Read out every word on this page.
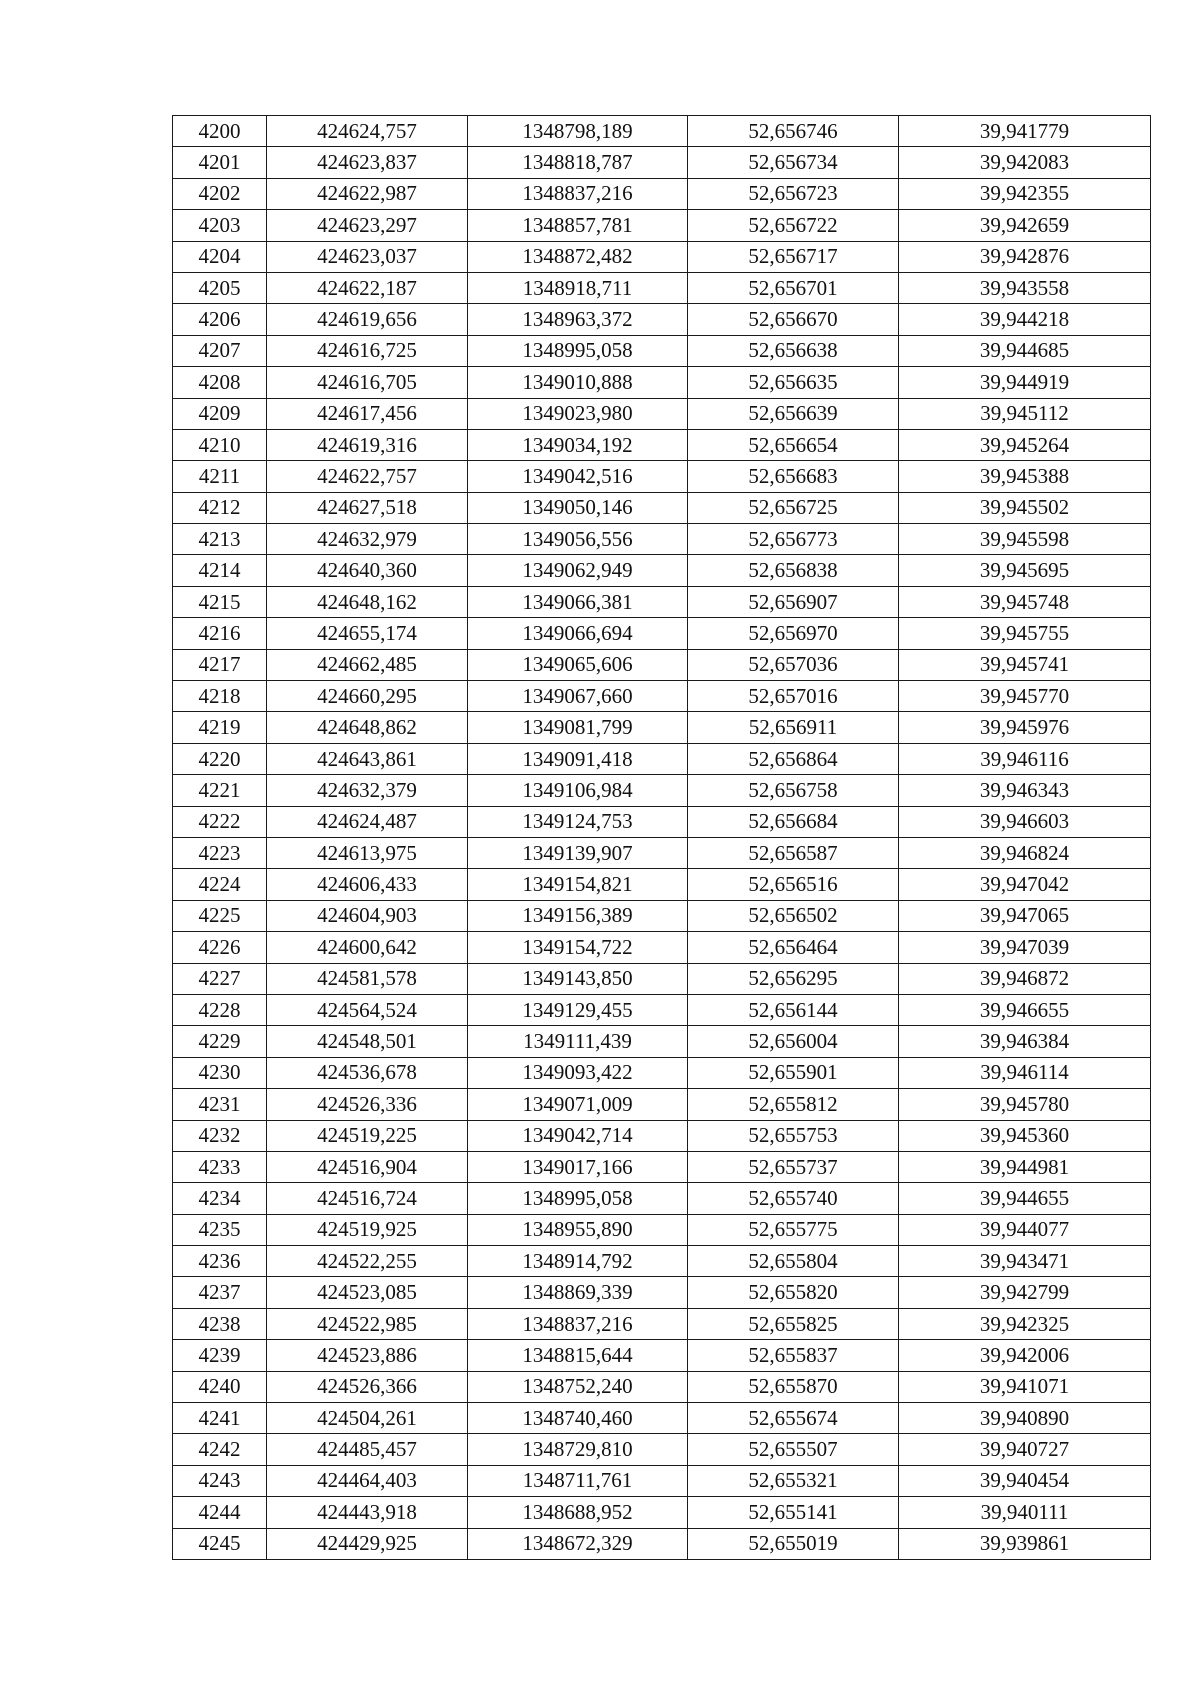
4200	424624,757	1348798,189	52,656746	39,941779
4201	424623,837	1348818,787	52,656734	39,942083
4202	424622,987	1348837,216	52,656723	39,942355
4203	424623,297	1348857,781	52,656722	39,942659
4204	424623,037	1348872,482	52,656717	39,942876
4205	424622,187	1348918,711	52,656701	39,943558
4206	424619,656	1348963,372	52,656670	39,944218
4207	424616,725	1348995,058	52,656638	39,944685
4208	424616,705	1349010,888	52,656635	39,944919
4209	424617,456	1349023,980	52,656639	39,945112
4210	424619,316	1349034,192	52,656654	39,945264
4211	424622,757	1349042,516	52,656683	39,945388
4212	424627,518	1349050,146	52,656725	39,945502
4213	424632,979	1349056,556	52,656773	39,945598
4214	424640,360	1349062,949	52,656838	39,945695
4215	424648,162	1349066,381	52,656907	39,945748
4216	424655,174	1349066,694	52,656970	39,945755
4217	424662,485	1349065,606	52,657036	39,945741
4218	424660,295	1349067,660	52,657016	39,945770
4219	424648,862	1349081,799	52,656911	39,945976
4220	424643,861	1349091,418	52,656864	39,946116
4221	424632,379	1349106,984	52,656758	39,946343
4222	424624,487	1349124,753	52,656684	39,946603
4223	424613,975	1349139,907	52,656587	39,946824
4224	424606,433	1349154,821	52,656516	39,947042
4225	424604,903	1349156,389	52,656502	39,947065
4226	424600,642	1349154,722	52,656464	39,947039
4227	424581,578	1349143,850	52,656295	39,946872
4228	424564,524	1349129,455	52,656144	39,946655
4229	424548,501	1349111,439	52,656004	39,946384
4230	424536,678	1349093,422	52,655901	39,946114
4231	424526,336	1349071,009	52,655812	39,945780
4232	424519,225	1349042,714	52,655753	39,945360
4233	424516,904	1349017,166	52,655737	39,944981
4234	424516,724	1348995,058	52,655740	39,944655
4235	424519,925	1348955,890	52,655775	39,944077
4236	424522,255	1348914,792	52,655804	39,943471
4237	424523,085	1348869,339	52,655820	39,942799
4238	424522,985	1348837,216	52,655825	39,942325
4239	424523,886	1348815,644	52,655837	39,942006
4240	424526,366	1348752,240	52,655870	39,941071
4241	424504,261	1348740,460	52,655674	39,940890
4242	424485,457	1348729,810	52,655507	39,940727
4243	424464,403	1348711,761	52,655321	39,940454
4244	424443,918	1348688,952	52,655141	39,940111
4245	424429,925	1348672,329	52,655019	39,939861
